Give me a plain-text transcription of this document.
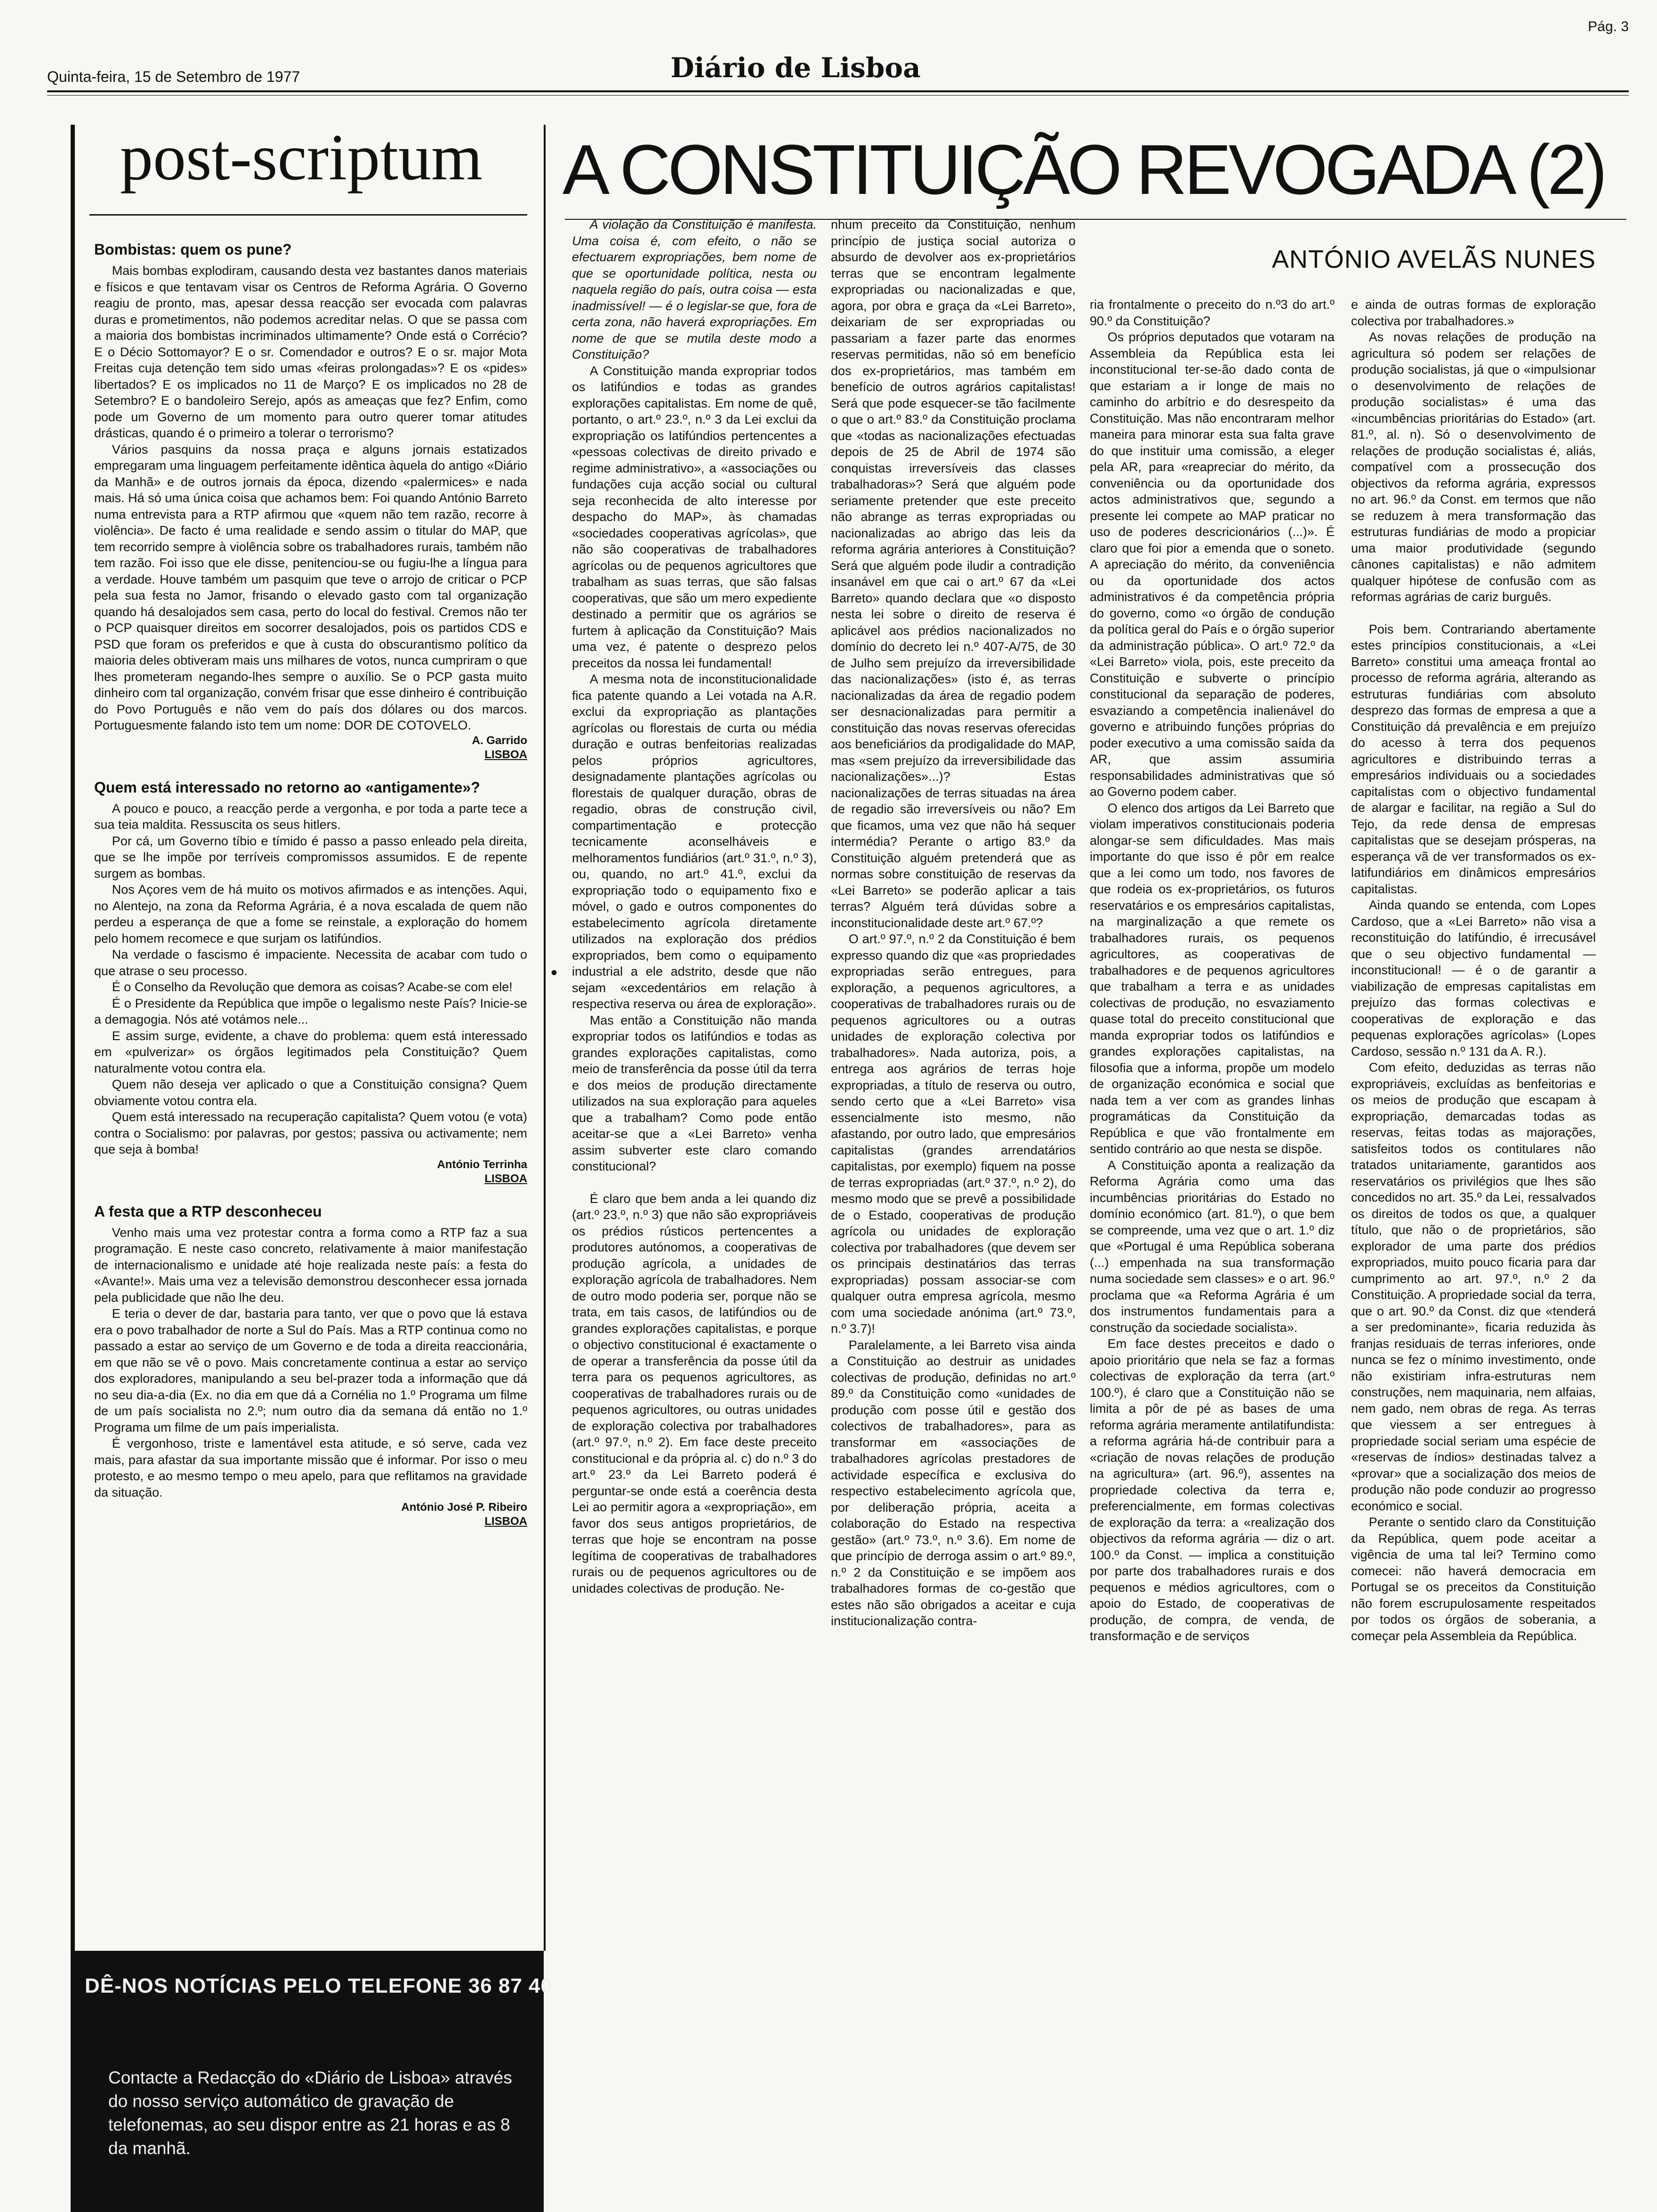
Pág. 3
Quinta-feira, 15 de Setembro de 1977	Diário de Lisboa
post-scriptum
Bombistas: quem os pune?

Mais bombas explodiram, causando desta vez bastantes danos materiais e físicos e que tentavam visar os Centros de Reforma Agrária. O Governo reagiu de pronto, mas, apesar dessa reacção ser evocada com palavras duras e prometimentos, não podemos acreditar nelas. O que se passa com a maioria dos bombistas incriminados ultimamente? Onde está o Corrécio? E o Décio Sottomayor? E o sr. Comendador e outros? E o sr. major Mota Freitas cuja detenção tem sido umas «feiras prolongadas»? E os «pides» libertados? E os implicados no 11 de Março? E os implicados no 28 de Setembro? E o bandoleiro Serejo, após as ameaças que fez? Enfim, como pode um Governo de um momento para outro querer tomar atitudes drásticas, quando é o primeiro a tolerar o terrorismo?

Vários pasquins da nossa praça e alguns jornais estatizados empregaram uma linguagem perfeitamente idêntica àquela do antigo «Diário da Manhã» e de outros jornais da época, dizendo «palermices» e nada mais. Há só uma única coisa que achamos bem: Foi quando António Barreto numa entrevista para a RTP afirmou que «quem não tem razão, recorre à violência». De facto é uma realidade e sendo assim o titular do MAP, que tem recorrido sempre à violência sobre os trabalhadores rurais, também não tem razão. Foi isso que ele disse, penitenciou-se ou fugiu-lhe a língua para a verdade. Houve também um pasquim que teve o arrojo de criticar o PCP pela sua festa no Jamor, frisando o elevado gasto com tal organização quando há desalojados sem casa, perto do local do festival. Cremos não ter o PCP quaisquer direitos em socorrer desalojados, pois os partidos CDS e PSD que foram os preferidos e que à custa do obscurantismo político da maioria deles obtiveram mais uns milhares de votos, nunca cumpriram o que lhes prometeram negando-lhes sempre o auxílio. Se o PCP gasta muito dinheiro com tal organização, convém frisar que esse dinheiro é contribuição do Povo Português e não vem do país dos dólares ou dos marcos. Portuguesmente falando isto tem um nome: DOR DE COTOVELO.

A. Garrido
LISBOA
Quem está interessado no retorno ao «antigamente»?

A pouco e pouco, a reacção perde a vergonha, e por toda a parte tece a sua teia maldita. Ressuscita os seus hitlers.

Por cá, um Governo tíbio e tímido é passo a passo enleado pela direita, que se lhe impõe por terríveis compromissos assumidos. E de repente surgem as bombas.

Nos Açores vem de há muito os motivos afirmados e as intenções. Aqui, no Alentejo, na zona da Reforma Agrária, é a nova escalada de quem não perdeu a esperança de que a fome se reinstale, a exploração do homem pelo homem recomece e que surjam os latifúndios.

Na verdade o fascismo é impaciente. Necessita de acabar com tudo o que atrase o seu processo.

É o Conselho da Revolução que demora as coisas? Acabe-se com ele!

É o Presidente da República que impõe o legalismo neste País? Inicie-se a demagogia. Nós até votámos nele...

E assim surge, evidente, a chave do problema: quem está interessado em «pulverizar» os órgãos legitimados pela Constituição? Quem naturalmente votou contra ela.

Quem não deseja ver aplicado o que a Constituição consigna? Quem obviamente votou contra ela.

Quem está interessado na recuperação capitalista? Quem votou (e vota) contra o Socialismo: por palavras, por gestos; passiva ou activamente; nem que seja à bomba!

António Terrinha
LISBOA
A festa que a RTP desconheceu

Venho mais uma vez protestar contra a forma como a RTP faz a sua programação. E neste caso concreto, relativamente à maior manifestação de internacionalismo e unidade até hoje realizada neste país: a festa do «Avante!». Mais uma vez a televisão demonstrou desconhecer essa jornada pela publicidade que não lhe deu.

E teria o dever de dar, bastaria para tanto, ver que o povo que lá estava era o povo trabalhador de norte a Sul do País. Mas a RTP continua como no passado a estar ao serviço de um Governo e de toda a direita reaccionária, em que não se vê o povo. Mais concretamente continua a estar ao serviço dos exploradores, manipulando a seu bel-prazer toda a informação que dá no seu dia-a-dia (Ex. no dia em que dá a Cornélia no 1.º Programa um filme de um país socialista no 2.º; num outro dia da semana dá então no 1.º Programa um filme de um país imperialista.

É vergonhoso, triste e lamentável esta atitude, e só serve, cada vez mais, para afastar da sua importante missão que é informar. Por isso o meu protesto, e ao mesmo tempo o meu apelo, para que reflitamos na gravidade da situação.

António José P. Ribeiro
LISBOA
DÊ-NOS NOTÍCIAS PELO TELEFONE 36 87 40
Contacte a Redacção do «Diário de Lisboa» através do nosso serviço automático de gravação de telefonemas, ao seu dispor entre as 21 horas e as 8 da manhã.
A CONSTITUIÇÃO REVOGADA (2)
ANTÓNIO AVELÃS NUNES
•

A violação da Constituição é manifesta. Uma coisa é, com efeito, o não se efectuarem expropriações, bem nome de que se oportunidade política, nesta ou naquela região do país, outra coisa — esta inadmissível! — é o legislar-se que, fora de certa zona, não haverá expropriações. Em nome de que se mutila deste modo a Constituição?

A Constituição manda expropriar todos os latifúndios e todas as grandes explorações capitalistas. Em nome de quê, portanto, o art.º 23.º, n.º 3 da Lei exclui da expropriação os latifúndios pertencentes a «pessoas colectivas de direito privado e regime administrativo», a «associações ou fundações cuja acção social ou cultural seja reconhecida de alto interesse por despacho do MAP», às chamadas «sociedades cooperativas agrícolas», que não são cooperativas de trabalhadores agrícolas ou de pequenos agricultores que trabalham as suas terras, que são falsas cooperativas, que são um mero expediente destinado a permitir que os agrários se furtem à aplicação da Constituição? Mais uma vez, é patente o desprezo pelos preceitos da nossa lei fundamental!

A mesma nota de inconstitucionalidade fica patente quando a Lei votada na A.R. exclui da expropriação as plantações agrícolas ou florestais de curta ou média duração e outras benfeitorias realizadas pelos próprios agricultores, designadamente plantações agrícolas ou florestais de qualquer duração, obras de regadio, obras de construção civil, compartimentação e protecção tecnicamente aconselháveis e melhoramentos fundiários (art.º 31.º, n.º 3), ou, quando, no art.º 41.º, exclui da expropriação todo o equipamento fixo e móvel, o gado e outros componentes do estabelecimento agrícola diretamente utilizados na exploração dos prédios expropriados, bem como o equipamento industrial a ele adstrito, desde que não sejam «excedentários em relação à respectiva reserva ou área de exploração».

Mas então a Constituição não manda expropriar todos os latifúndios e todas as grandes explorações capitalistas, como meio de transferência da posse útil da terra e dos meios de produção directamente utilizados na sua exploração para aqueles que a trabalham? Como pode então aceitar-se que a «Lei Barreto» venha assim subverter este claro comando constitucional?

É claro que bem anda a lei quando diz (art.º 23.º, n.º 3) que não são expropriáveis os prédios rústicos pertencentes a produtores autónomos, a cooperativas de produção agrícola, a unidades de exploração agrícola de trabalhadores. Nem de outro modo poderia ser, porque não se trata, em tais casos, de latifúndios ou de grandes explorações capitalistas, e porque o objectivo constitucional é exactamente o de operar a transferência da posse útil da terra para os pequenos agricultores, as cooperativas de trabalhadores rurais ou de pequenos agricultores, ou outras unidades de exploração colectiva por trabalhadores (art.º 97.º, n.º 2). Em face deste preceito constitucional e da própria al. c) do n.º 3 do art.º 23.º da Lei Barreto poderá é perguntar-se onde está a coerência desta Lei ao permitir agora a «expropriação», em favor dos seus antigos proprietários, de terras que hoje se encontram na posse legítima de cooperativas de trabalhadores rurais ou de pequenos agricultores ou de unidades colectivas de produção. Ne-

nhum preceito da Constituição, nenhum princípio de justiça social autoriza o absurdo de devolver aos ex-proprietários terras que se encontram legalmente expropriadas ou nacionalizadas e que, agora, por obra e graça da «Lei Barreto», deixariam de ser expropriadas ou passariam a fazer parte das enormes reservas permitidas, não só em benefício dos ex-proprietários, mas também em benefício de outros agrários capitalistas! Será que pode esquecer-se tão facilmente o que o art.º 83.º da Constituição proclama que «todas as nacionalizações efectuadas depois de 25 de Abril de 1974 são conquistas irreversíveis das classes trabalhadoras»? Será que alguém pode seriamente pretender que este preceito não abrange as terras expropriadas ou nacionalizadas ao abrigo das leis da reforma agrária anteriores à Constituição? Será que alguém pode iludir a contradição insanável em que cai o art.º 67 da «Lei Barreto» quando declara que «o disposto nesta lei sobre o direito de reserva é aplicável aos prédios nacionalizados no domínio do decreto lei n.º 407-A/75, de 30 de Julho sem prejuízo da irreversibilidade das nacionalizações» (isto é, as terras nacionalizadas da área de regadio podem ser desnacionalizadas para permitir a constituição das novas reservas oferecidas aos beneficiários da prodigalidade do MAP, mas «sem prejuízo da irreversibilidade das nacionalizações»...)? Estas nacionalizações de terras situadas na área de regadio são irreversíveis ou não? Em que ficamos, uma vez que não há sequer intermédia? Perante o artigo 83.º da Constituição alguém pretenderá que as normas sobre constituição de reservas da «Lei Barreto» se poderão aplicar a tais terras? Alguém terá dúvidas sobre a inconstitucionalidade deste art.º 67.º?

O art.º 97.º, n.º 2 da Constituição é bem expresso quando diz que «as propriedades expropriadas serão entregues, para exploração, a pequenos agricultores, a cooperativas de trabalhadores rurais ou de pequenos agricultores ou a outras unidades de exploração colectiva por trabalhadores». Nada autoriza, pois, a entrega aos agrários de terras hoje expropriadas, a título de reserva ou outro, sendo certo que a «Lei Barreto» visa essencialmente isto mesmo, não afastando, por outro lado, que empresários capitalistas (grandes arrendatários capitalistas, por exemplo) fiquem na posse de terras expropriadas (art.º 37.º, n.º 2), do mesmo modo que se prevê a possibilidade de o Estado, cooperativas de produção agrícola ou unidades de exploração colectiva por trabalhadores (que devem ser os principais destinatários das terras expropriadas) possam associar-se com qualquer outra empresa agrícola, mesmo com uma sociedade anónima (art.º 73.º, n.º 3.7)!

Paralelamente, a lei Barreto visa ainda a Constituição ao destruir as unidades colectivas de produção, definidas no art.º 89.º da Constituição como «unidades de produção com posse útil e gestão dos colectivos de trabalhadores», para as transformar em «associações de trabalhadores agrícolas prestadores de actividade específica e exclusiva do respectivo estabelecimento agrícola que, por deliberação própria, aceita a colaboração do Estado na respectiva gestão» (art.º 73.º, n.º 3.6). Em nome de que princípio de derroga assim o art.º 89.º, n.º 2 da Constituição e se impõem aos trabalhadores formas de co-gestão que estes não são obrigados a aceitar e cuja institucionalização contra-

ria frontalmente o preceito do n.º3 do art.º 90.º da Constituição?

Os próprios deputados que votaram na Assembleia da República esta lei inconstitucional ter-se-ão dado conta de que estariam a ir longe de mais no caminho do arbítrio e do desrespeito da Constituição. Mas não encontraram melhor maneira para minorar esta sua falta grave do que instituir uma comissão, a eleger pela AR, para «reapreciar do mérito, da conveniência ou da oportunidade dos actos administrativos que, segundo a presente lei compete ao MAP praticar no uso de poderes descricionários (...)». É claro que foi pior a emenda que o soneto. A apreciação do mérito, da conveniência ou da oportunidade dos actos administrativos é da competência própria do governo, como «o órgão de condução da política geral do País e o órgão superior da administração pública». O art.º 72.º da «Lei Barreto» viola, pois, este preceito da Constituição e subverte o princípio constitucional da separação de poderes, esvaziando a competência inalienável do governo e atribuindo funções próprias do poder executivo a uma comissão saída da AR, que assim assumiria responsabilidades administrativas que só ao Governo podem caber.

O elenco dos artigos da Lei Barreto que violam imperativos constitucionais poderia alongar-se sem dificuldades. Mas mais importante do que isso é pôr em realce que a lei como um todo, nos favores de que rodeia os ex-proprietários, os futuros reservatários e os empresários capitalistas, na marginalização a que remete os trabalhadores rurais, os pequenos agricultores, as cooperativas de trabalhadores e de pequenos agricultores que trabalham a terra e as unidades colectivas de produção, no esvaziamento quase total do preceito constitucional que manda expropriar todos os latifúndios e grandes explorações capitalistas, na filosofia que a informa, propõe um modelo de organização económica e social que nada tem a ver com as grandes linhas programáticas da Constituição da República e que vão frontalmente em sentido contrário ao que nesta se dispõe.

A Constituição aponta a realização da Reforma Agrária como uma das incumbências prioritárias do Estado no domínio económico (art. 81.º), o que bem se compreende, uma vez que o art. 1.º diz que «Portugal é uma República soberana (...) empenhada na sua transformação numa sociedade sem classes» e o art. 96.º proclama que «a Reforma Agrária é um dos instrumentos fundamentais para a construção da sociedade socialista».

Em face destes preceitos e dado o apoio prioritário que nela se faz a formas colectivas de exploração da terra (art.º 100.º), é claro que a Constituição não se limita a pôr de pé as bases de uma reforma agrária meramente antilatifundista: a reforma agrária há-de contribuir para a «criação de novas relações de produção na agricultura» (art. 96.º), assentes na propriedade colectiva da terra e, preferencialmente, em formas colectivas de exploração da terra: a «realização dos objectivos da reforma agrária — diz o art. 100.º da Const. — implica a constituição por parte dos trabalhadores rurais e dos pequenos e médios agricultores, com o apoio do Estado, de cooperativas de produção, de compra, de venda, de transformação e de serviços

e ainda de outras formas de exploração colectiva por trabalhadores.»

As novas relações de produção na agricultura só podem ser relações de produção socialistas, já que o «impulsionar o desenvolvimento de relações de produção socialistas» é uma das «incumbências prioritárias do Estado» (art. 81.º, al. n). Só o desenvolvimento de relações de produção socialistas é, aliás, compatível com a prossecução dos objectivos da reforma agrária, expressos no art. 96.º da Const. em termos que não se reduzem à mera transformação das estruturas fundiárias de modo a propiciar uma maior produtividade (segundo cânones capitalistas) e não admitem qualquer hipótese de confusão com as reformas agrárias de cariz burguês.

Pois bem. Contrariando abertamente estes princípios constitucionais, a «Lei Barreto» constitui uma ameaça frontal ao processo de reforma agrária, alterando as estruturas fundiárias com absoluto desprezo das formas de empresa a que a Constituição dá prevalência e em prejuízo do acesso à terra dos pequenos agricultores e distribuindo terras a empresários individuais ou a sociedades capitalistas com o objectivo fundamental de alargar e facilitar, na região a Sul do Tejo, da rede densa de empresas capitalistas que se desejam prósperas, na esperança vã de ver transformados os ex-latifundiários em dinâmicos empresários capitalistas.

Ainda quando se entenda, com Lopes Cardoso, que a «Lei Barreto» não visa a reconstituição do latifúndio, é irrecusável que o seu objectivo fundamental — inconstitucional! — é o de garantir a viabilização de empresas capitalistas em prejuízo das formas colectivas e cooperativas de exploração e das pequenas explorações agrícolas» (Lopes Cardoso, sessão n.º 131 da A. R.).

Com efeito, deduzidas as terras não expropriáveis, excluídas as benfeitorias e os meios de produção que escapam à expropriação, demarcadas todas as reservas, feitas todas as majorações, satisfeitos todos os contitulares não tratados unitariamente, garantidos aos reservatários os privilégios que lhes são concedidos no art. 35.º da Lei, ressalvados os direitos de todos os que, a qualquer título, que não o de proprietários, são explorador de uma parte dos prédios expropriados, muito pouco ficaria para dar cumprimento ao art. 97.º, n.º 2 da Constituição. A propriedade social da terra, que o art. 90.º da Const. diz que «tenderá a ser predominante», ficaria reduzida às franjas residuais de terras inferiores, onde nunca se fez o mínimo investimento, onde não existiriam infra-estruturas nem construções, nem maquinaria, nem alfaias, nem gado, nem obras de rega. As terras que viessem a ser entregues à propriedade social seriam uma espécie de «reservas de índios» destinadas talvez a «provar» que a socialização dos meios de produção não pode conduzir ao progresso económico e social.

Perante o sentido claro da Constituição da República, quem pode aceitar a vigência de uma tal lei? Termino como comecei: não haverá democracia em Portugal se os preceitos da Constituição não forem escrupulosamente respeitados por todos os órgãos de soberania, a começar pela Assembleia da República.
